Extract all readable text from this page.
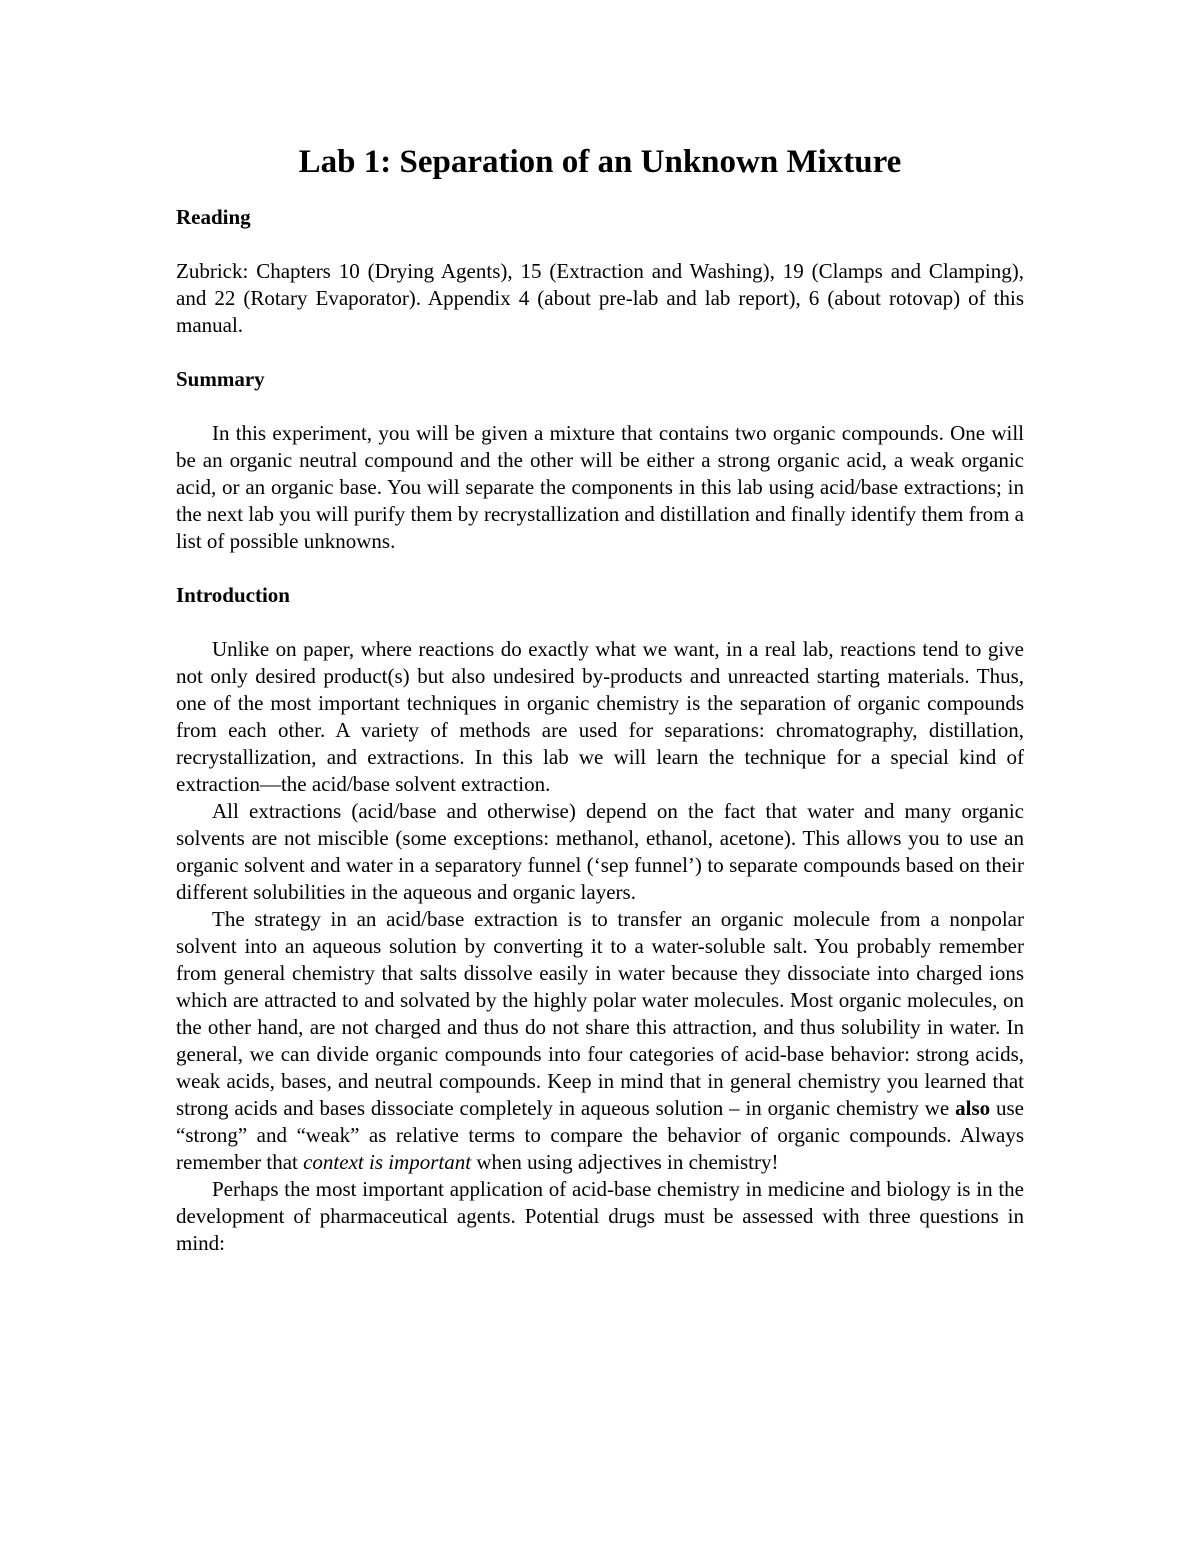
Lab 1: Separation of an Unknown Mixture
Reading

Zubrick: Chapters 10 (Drying Agents), 15 (Extraction and Washing), 19 (Clamps and Clamping), and 22 (Rotary Evaporator). Appendix 4 (about pre-lab and lab report), 6 (about rotovap) of this manual.

Summary

In this experiment, you will be given a mixture that contains two organic compounds. One will be an organic neutral compound and the other will be either a strong organic acid, a weak organic acid, or an organic base. You will separate the components in this lab using acid/base extractions; in the next lab you will purify them by recrystallization and distillation and finally identify them from a list of possible unknowns.

Introduction

Unlike on paper, where reactions do exactly what we want, in a real lab, reactions tend to give not only desired product(s) but also undesired by-products and unreacted starting materials. Thus, one of the most important techniques in organic chemistry is the separation of organic compounds from each other. A variety of methods are used for separations: chromatography, distillation, recrystallization, and extractions. In this lab we will learn the technique for a special kind of extraction—the acid/base solvent extraction.

All extractions (acid/base and otherwise) depend on the fact that water and many organic solvents are not miscible (some exceptions: methanol, ethanol, acetone). This allows you to use an organic solvent and water in a separatory funnel (‘sep funnel’) to separate compounds based on their different solubilities in the aqueous and organic layers.

The strategy in an acid/base extraction is to transfer an organic molecule from a nonpolar solvent into an aqueous solution by converting it to a water-soluble salt. You probably remember from general chemistry that salts dissolve easily in water because they dissociate into charged ions which are attracted to and solvated by the highly polar water molecules. Most organic molecules, on the other hand, are not charged and thus do not share this attraction, and thus solubility in water. In general, we can divide organic compounds into four categories of acid-base behavior: strong acids, weak acids, bases, and neutral compounds. Keep in mind that in general chemistry you learned that strong acids and bases dissociate completely in aqueous solution – in organic chemistry we also use “strong” and “weak” as relative terms to compare the behavior of organic compounds. Always remember that context is important when using adjectives in chemistry!

Perhaps the most important application of acid-base chemistry in medicine and biology is in the development of pharmaceutical agents. Potential drugs must be assessed with three questions in mind:
